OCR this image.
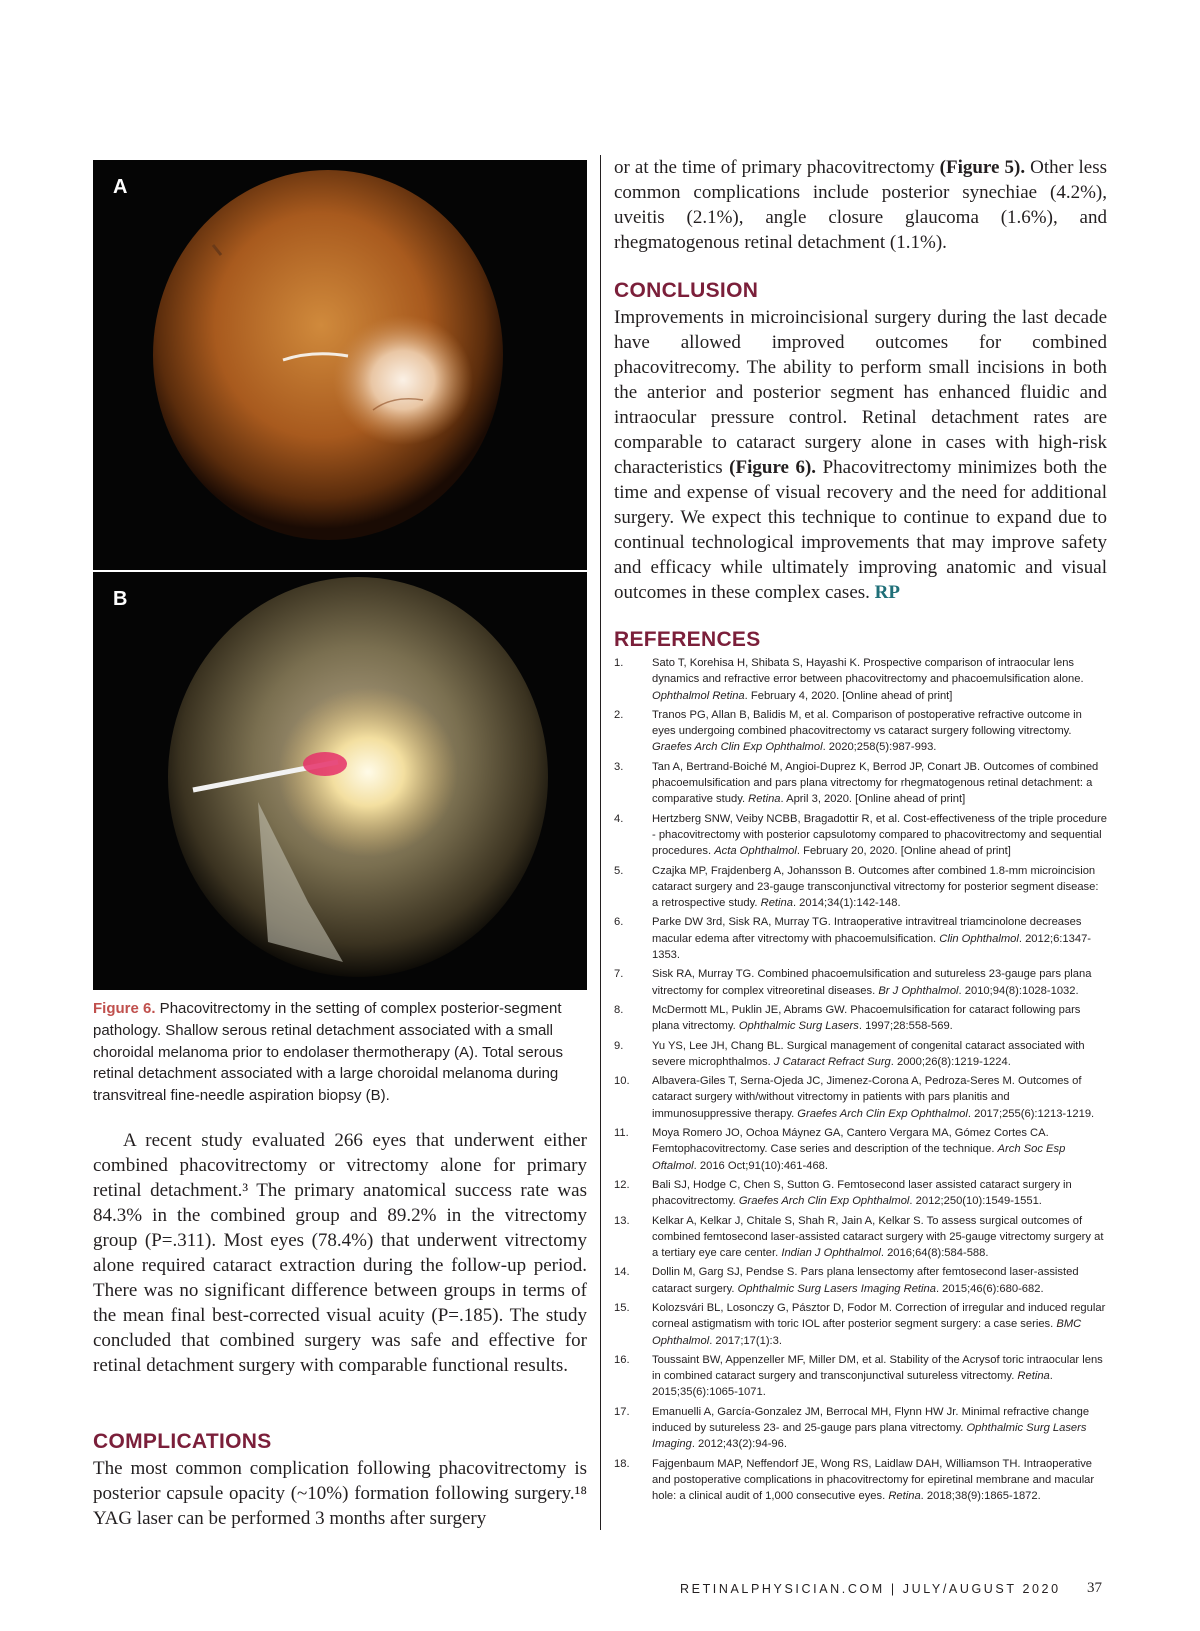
A
B
Figure 6. Phacovitrectomy in the setting of complex posterior-segment pathology. Shallow serous retinal detachment associated with a small choroidal melanoma prior to endolaser thermotherapy (A). Total serous retinal detachment associated with a large choroidal melanoma during transvitreal fine-needle aspiration biopsy (B).
A recent study evaluated 266 eyes that underwent either combined phacovitrectomy or vitrectomy alone for primary retinal detachment.³ The primary anatomical success rate was 84.3% in the combined group and 89.2% in the vitrectomy group (P=.311). Most eyes (78.4%) that underwent vitrectomy alone required cataract extraction during the follow-up period. There was no significant difference between groups in terms of the mean final best-corrected visual acuity (P=.185). The study concluded that combined surgery was safe and effective for retinal detachment surgery with comparable functional results.
COMPLICATIONS
The most common complication following phacovitrectomy is posterior capsule opacity (~10%) formation following surgery.¹⁸ YAG laser can be performed 3 months after surgery
or at the time of primary phacovitrectomy (Figure 5). Other less common complications include posterior synechiae (4.2%), uveitis (2.1%), angle closure glaucoma (1.6%), and rhegmatogenous retinal detachment (1.1%).
CONCLUSION
Improvements in microincisional surgery during the last decade have allowed improved outcomes for combined phacovitrecomy. The ability to perform small incisions in both the anterior and posterior segment has enhanced fluidic and intraocular pressure control. Retinal detachment rates are comparable to cataract surgery alone in cases with high-risk characteristics (Figure 6). Phacovitrectomy minimizes both the time and expense of visual recovery and the need for additional surgery. We expect this technique to continue to expand due to continual technological improvements that may improve safety and efficacy while ultimately improving anatomic and visual outcomes in these complex cases. RP
REFERENCES
1.	Sato T, Korehisa H, Shibata S, Hayashi K. Prospective comparison of intraocular lens dynamics and refractive error between phacovitrectomy and phacoemulsification alone. Ophthalmol Retina. February 4, 2020. [Online ahead of print]
2.	Tranos PG, Allan B, Balidis M, et al. Comparison of postoperative refractive outcome in eyes undergoing combined phacovitrectomy vs cataract surgery following vitrectomy. Graefes Arch Clin Exp Ophthalmol. 2020;258(5):987-993.
3.	Tan A, Bertrand-Boiché M, Angioi-Duprez K, Berrod JP, Conart JB. Outcomes of combined phacoemulsification and pars plana vitrectomy for rhegmatogenous retinal detachment: a comparative study. Retina. April 3, 2020. [Online ahead of print]
4.	Hertzberg SNW, Veiby NCBB, Bragadottir R, et al. Cost-effectiveness of the triple procedure - phacovitrectomy with posterior capsulotomy compared to phacovitrectomy and sequential procedures. Acta Ophthalmol. February 20, 2020. [Online ahead of print]
5.	Czajka MP, Frajdenberg A, Johansson B. Outcomes after combined 1.8-mm microincision cataract surgery and 23-gauge transconjunctival vitrectomy for posterior segment disease: a retrospective study. Retina. 2014;34(1):142-148.
6.	Parke DW 3rd, Sisk RA, Murray TG. Intraoperative intravitreal triamcinolone decreases macular edema after vitrectomy with phacoemulsification. Clin Ophthalmol. 2012;6:1347-1353.
7.	Sisk RA, Murray TG. Combined phacoemulsification and sutureless 23-gauge pars plana vitrectomy for complex vitreoretinal diseases. Br J Ophthalmol. 2010;94(8):1028-1032.
8.	McDermott ML, Puklin JE, Abrams GW. Phacoemulsification for cataract following pars plana vitrectomy. Ophthalmic Surg Lasers. 1997;28:558-569.
9.	Yu YS, Lee JH, Chang BL. Surgical management of congenital cataract associated with severe microphthalmos. J Cataract Refract Surg. 2000;26(8):1219-1224.
10. Albavera-Giles T, Serna-Ojeda JC, Jimenez-Corona A, Pedroza-Seres M. Outcomes of cataract surgery with/without vitrectomy in patients with pars planitis and immunosuppressive therapy. Graefes Arch Clin Exp Ophthalmol. 2017;255(6):1213-1219.
11. Moya Romero JO, Ochoa Máynez GA, Cantero Vergara MA, Gómez Cortes CA. Femtophacovitrectomy. Case series and description of the technique. Arch Soc Esp Oftalmol. 2016 Oct;91(10):461-468.
12. Bali SJ, Hodge C, Chen S, Sutton G. Femtosecond laser assisted cataract surgery in phacovitrectomy. Graefes Arch Clin Exp Ophthalmol. 2012;250(10):1549-1551.
13. Kelkar A, Kelkar J, Chitale S, Shah R, Jain A, Kelkar S. To assess surgical outcomes of combined femtosecond laser-assisted cataract surgery with 25-gauge vitrectomy surgery at a tertiary eye care center. Indian J Ophthalmol. 2016;64(8):584-588.
14. Dollin M, Garg SJ, Pendse S. Pars plana lensectomy after femtosecond laser-assisted cataract surgery. Ophthalmic Surg Lasers Imaging Retina. 2015;46(6):680-682.
15. Kolozsvári BL, Losonczy G, Pásztor D, Fodor M. Correction of irregular and induced regular corneal astigmatism with toric IOL after posterior segment surgery: a case series. BMC Ophthalmol. 2017;17(1):3.
16. Toussaint BW, Appenzeller MF, Miller DM, et al. Stability of the Acrysof toric intraocular lens in combined cataract surgery and transconjunctival sutureless vitrectomy. Retina. 2015;35(6):1065-1071.
17. Emanuelli A, García-Gonzalez JM, Berrocal MH, Flynn HW Jr. Minimal refractive change induced by sutureless 23- and 25-gauge pars plana vitrectomy. Ophthalmic Surg Lasers Imaging. 2012;43(2):94-96.
18. Fajgenbaum MAP, Neffendorf JE, Wong RS, Laidlaw DAH, Williamson TH. Intraoperative and postoperative complications in phacovitrectomy for epiretinal membrane and macular hole: a clinical audit of 1,000 consecutive eyes. Retina. 2018;38(9):1865-1872.
RETINALPHYSICIAN.COM | JULY/AUGUST 2020 37
